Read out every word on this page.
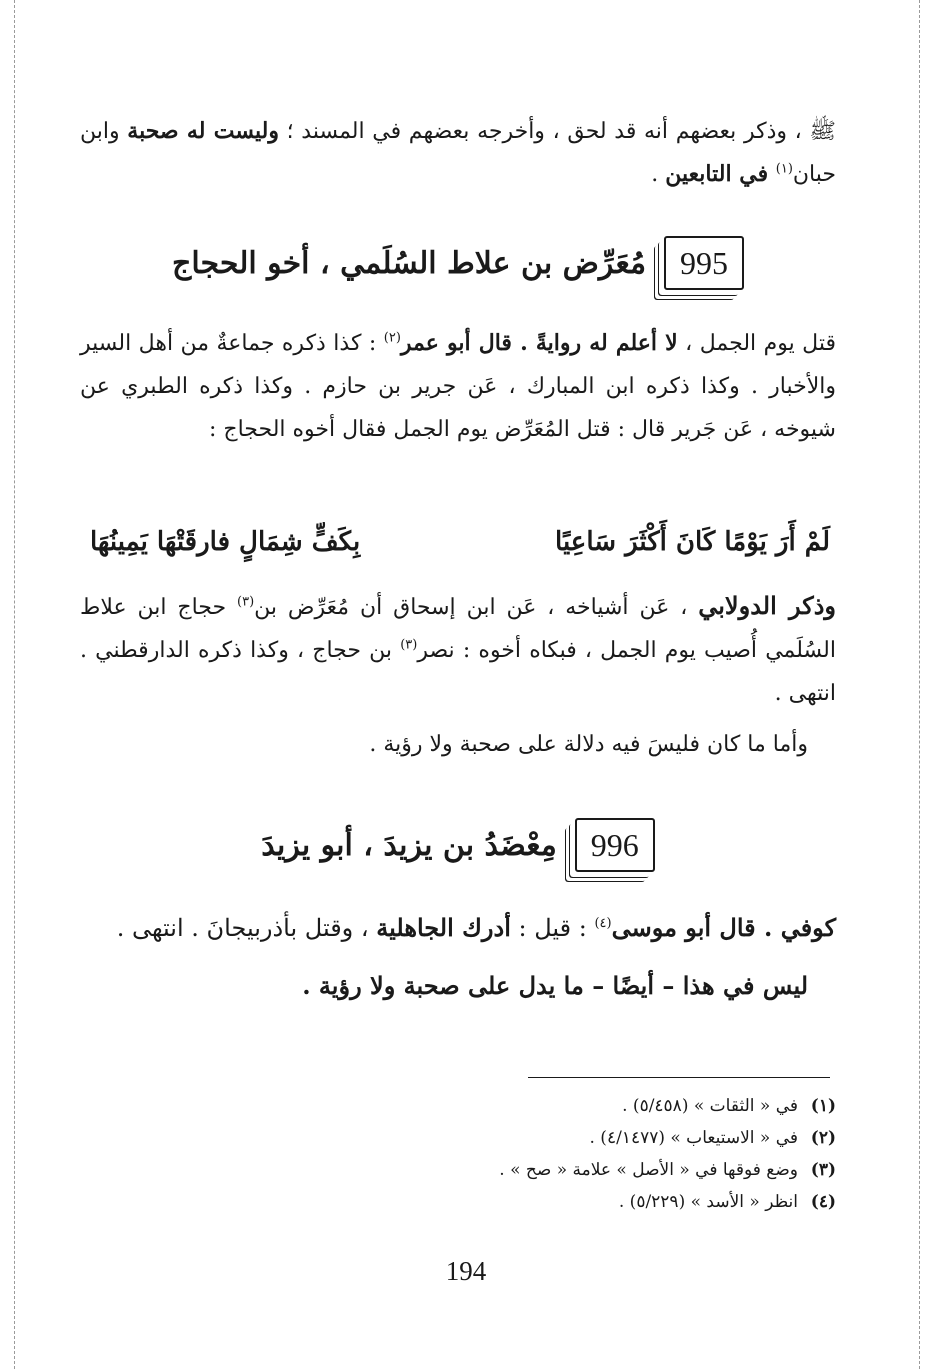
ﷺ ، وذكر بعضهم أنه قد لحق ، وأخرجه بعضهم في المسند ؛ وليست له صحبة وابن حبان$^{(١)}$ في التابعين .

995
مُعَرِّض بن علاط السُلَمي ، أخو الحجاج

قتل يوم الجمل ، لا أعلم له روايةً . قال أبو عمر$^{(٢)}$ : كذا ذكره جماعةٌ من أهل السير والأخبار . وكذا ذكره ابن المبارك ، عَن جرير بن حازم . وكذا ذكره الطبري عن شيوخه ، عَن جَرير قال : قتل المُعَرِّض يوم الجمل فقال أخوه الحجاج :

لَمْ أَرَ يَوْمًا كَانَ أَكْثَرَ سَاعِيًا
بِكَفٍّ شِمَالٍ فارقَتْهَا يَمِينُهَا

وذكر الدولابي ، عَن أشياخه ، عَن ابن إسحاق أن مُعَرِّض بن$^{(٣)}$ حجاج ابن علاط السُلَمي أُصيب يوم الجمل ، فبكاه أخوه : نصر$^{(٣)}$ بن حجاج ، وكذا ذكره الدارقطني . انتهى .

وأما ما كان فليسَ فيه دلالة على صحبة ولا رؤية .

996
مِعْضَدُ بن يزيدَ ، أبو يزيدَ

كوفي . قال أبو موسى$^{(٤)}$ : قيل : أدرك الجاهلية ، وقتل بأذربيجانَ . انتهى .

ليس في هذا – أيضًا – ما يدل على صحبة ولا رؤية .

(١)في « الثقات » (٥/٤٥٨) .
(٢)في « الاستيعاب » (٤/١٤٧٧) .
(٣)وضع فوقها في « الأصل » علامة « صح » .
(٤)انظر « الأسد » (٥/٢٢٩) .
194
